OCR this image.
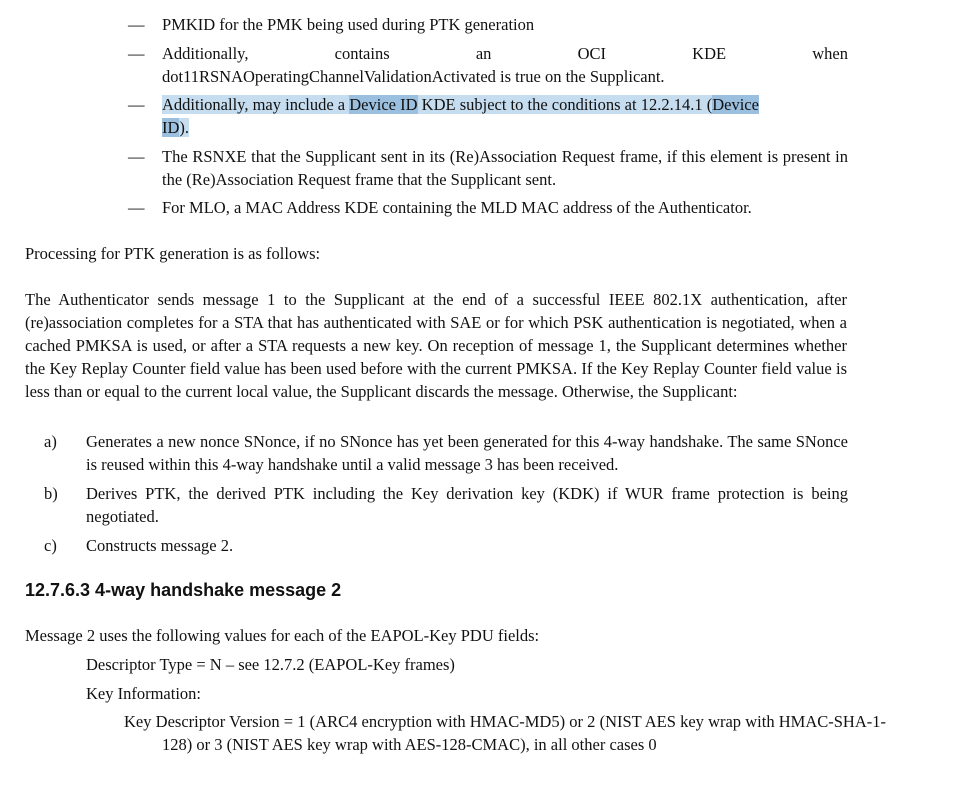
— PMKID for the PMK being used during PTK generation
— Additionally,	contains	an	OCI	KDE	when
dot11RSNAOperatingChannelValidationActivated is true on the Supplicant.
— Additionally, may include a Device ID KDE subject to the conditions at 12.2.14.1 (Device
ID).
— The RSNXE that the Supplicant sent in its (Re)Association Request frame, if this element is present in the (Re)Association Request frame that the Supplicant sent.
— For MLO, a MAC Address KDE containing the MLD MAC address of the Authenticator.
Processing for PTK generation is as follows:
The Authenticator sends message 1 to the Supplicant at the end of a successful IEEE 802.1X authentication, after (re)association completes for a STA that has authenticated with SAE or for which PSK authentication is negotiated, when a cached PMKSA is used, or after a STA requests a new key. On reception of message 1, the Supplicant determines whether the Key Replay Counter field value has been used before with the current PMKSA. If the Key Replay Counter field value is less than or equal to the current local value, the Supplicant discards the message. Otherwise, the Supplicant:
a) Generates a new nonce SNonce, if no SNonce has yet been generated for this 4-way handshake. The same SNonce is reused within this 4-way handshake until a valid message 3 has been received.
b) Derives PTK, the derived PTK including the Key derivation key (KDK) if WUR frame protection is being negotiated.
c) Constructs message 2.
12.7.6.3 4-way handshake message 2
Message 2 uses the following values for each of the EAPOL-Key PDU fields:
Descriptor Type = N – see 12.7.2 (EAPOL-Key frames)
Key Information:
Key Descriptor Version = 1 (ARC4 encryption with HMAC-MD5) or 2 (NIST AES key wrap with HMAC-SHA-1-128) or 3 (NIST AES key wrap with AES-128-CMAC), in all other cases 0
